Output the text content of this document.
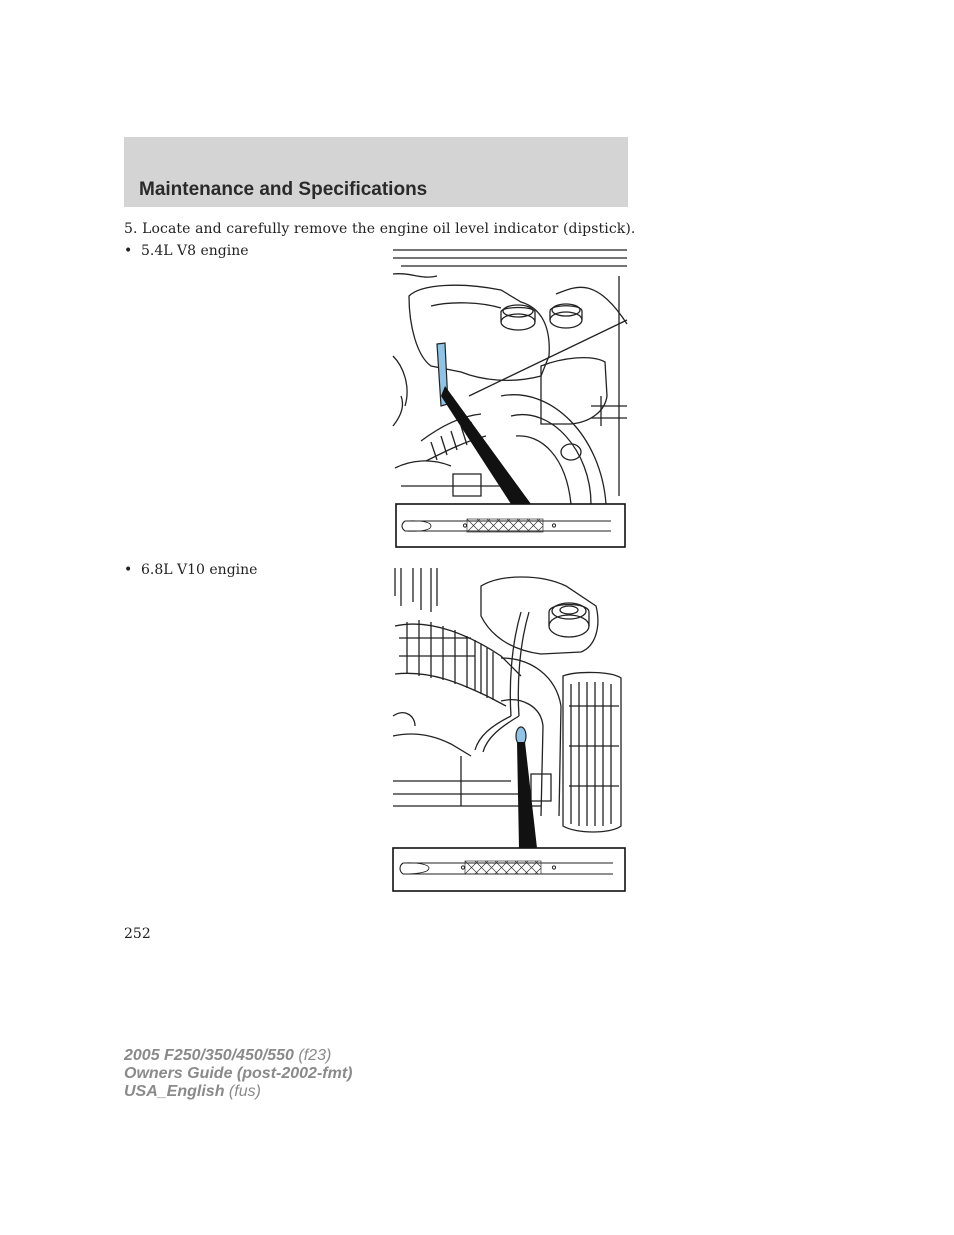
Maintenance and Specifications
5. Locate and carefully remove the engine oil level indicator (dipstick).
• 5.4L V8 engine
• 6.8L V10 engine
252
2005 F250/350/450/550 (f23)
Owners Guide (post-2002-fmt)
USA_English (fus)
